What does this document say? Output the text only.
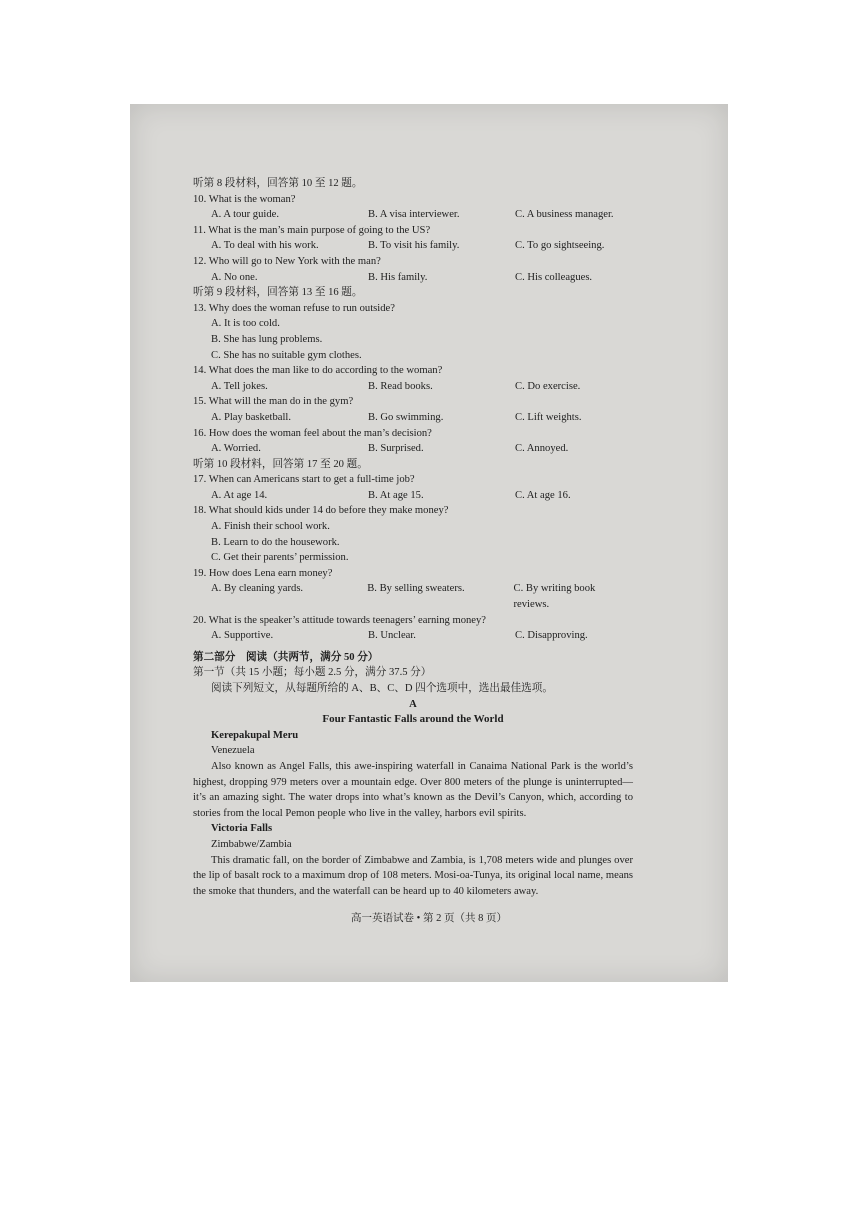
听第 8 段材料，回答第 10 至 12 题。
10. What is the woman?
A. A tour guide.	B. A visa interviewer.	C. A business manager.
11. What is the man’s main purpose of going to the US?
A. To deal with his work.	B. To visit his family.	C. To go sightseeing.
12. Who will go to New York with the man?
A. No one.	B. His family.	C. His colleagues.
听第 9 段材料，回答第 13 至 16 题。
13. Why does the woman refuse to run outside?
A. It is too cold.
B. She has lung problems.
C. She has no suitable gym clothes.
14. What does the man like to do according to the woman?
A. Tell jokes.	B. Read books.	C. Do exercise.
15. What will the man do in the gym?
A. Play basketball.	B. Go swimming.	C. Lift weights.
16. How does the woman feel about the man’s decision?
A. Worried.	B. Surprised.	C. Annoyed.
听第 10 段材料，回答第 17 至 20 题。
17. When can Americans start to get a full-time job?
A. At age 14.	B. At age 15.	C. At age 16.
18. What should kids under 14 do before they make money?
A. Finish their school work.
B. Learn to do the housework.
C. Get their parents’ permission.
19. How does Lena earn money?
A. By cleaning yards.	B. By selling sweaters.	C. By writing book reviews.
20. What is the speaker’s attitude towards teenagers’ earning money?
A. Supportive.	B. Unclear.	C. Disapproving.
第二部分　阅读（共两节，满分 50 分）
第一节（共 15 小题；每小题 2.5 分，满分 37.5 分）
阅读下列短文，从每题所给的 A、B、C、D 四个选项中，选出最佳选项。
A
Four Fantastic Falls around the World
Kerepakupal Meru
Venezuela
Also known as Angel Falls, this awe-inspiring waterfall in Canaima National Park is the world’s highest, dropping 979 meters over a mountain edge. Over 800 meters of the plunge is uninterrupted—it’s an amazing sight. The water drops into what’s known as the Devil’s Canyon, which, according to stories from the local Pemon people who live in the valley, harbors evil spirits.
Victoria Falls
Zimbabwe/Zambia
This dramatic fall, on the border of Zimbabwe and Zambia, is 1,708 meters wide and plunges over the lip of basalt rock to a maximum drop of 108 meters. Mosi-oa-Tunya, its original local name, means the smoke that thunders, and the waterfall can be heard up to 40 kilometers away.
高一英语试卷 • 第 2 页（共 8 页）
